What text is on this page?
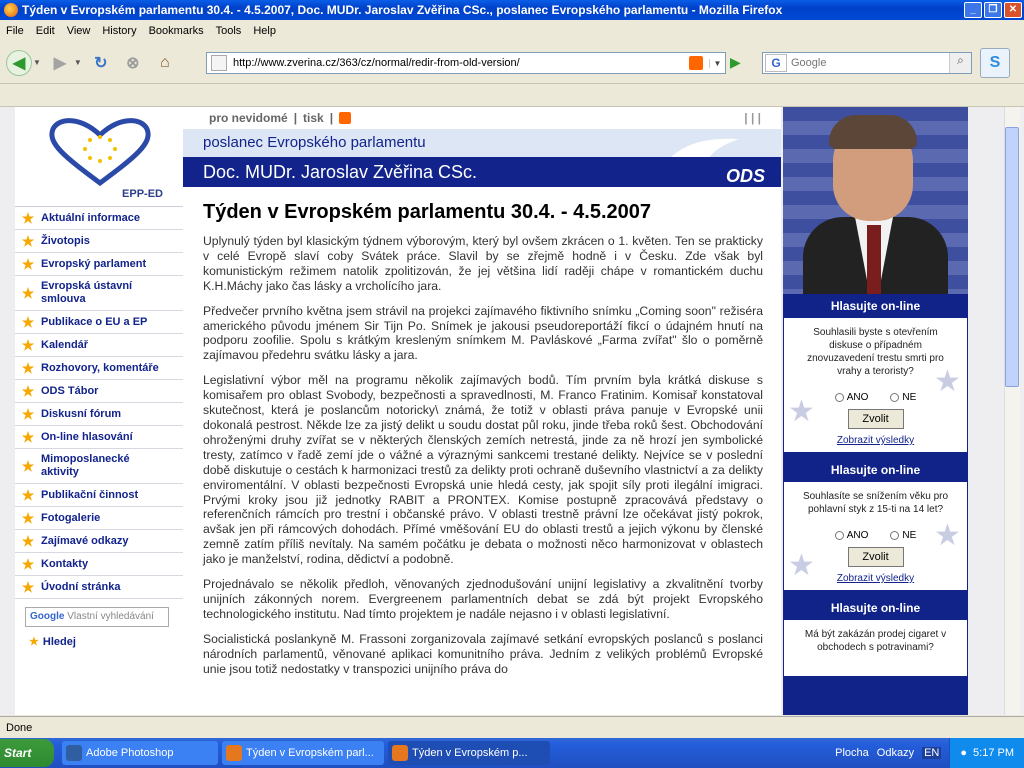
Týden v Evropském parlamentu 30.4. - 4.5.2007, Doc. MUDr. Jaroslav Zvěřina CSc., poslanec Evropského parlamentu - Mozilla Firefox	_	❐	✕
File	Edit	View	History	Bookmarks	Tools	Help
◀ ▼ ▶ ▼ ↻	⊗	⌂	http://www.zverina.cz/363/cz/normal/redir-from-old-version/	▼ ▶	G
Google	⌕	S
EPP-ED
★ Aktuální informace
★ Životopis
★ Evropský parlament
★ Evropská ústavní smlouva
★ Publikace o EU a EP
★ Kalendář
★ Rozhovory, komentáře
★ ODS Tábor
★ Diskusní fórum
★ On-line hlasování
★ Mimoposlanecké aktivity
★ Publikační činnost
★ Fotogalerie
★ Zajímavé odkazy
★ Kontakty
★ Úvodní stránka
Google Vlastní vyhledávání
★ Hledej
pro nevidomé | tisk |	| | |
poslanec Evropského parlamentu
Doc. MUDr. Jaroslav Zvěřina CSc.	ODS
Týden v Evropském parlamentu 30.4. - 4.5.2007

Uplynulý týden byl klasickým týdnem výborovým, který byl ovšem zkrácen o 1. květen. Ten se prakticky v celé Evropě slaví coby Svátek práce. Slavil by se zřejmě hodně i v Česku. Zde však byl komunistickým režimem natolik zpolitizován, že jej většina lidí raději chápe v romantickém duchu K.H.Máchy jako čas lásky a vrcholícího jara.

Předvečer prvního května jsem strávil na projekci zajímavého fiktivního snímku „Coming soon" režiséra amerického původu jménem Sir Tijn Po. Snímek je jakousi pseudoreportáží fikcí o údajném hnutí na podporu zoofilie. Spolu s krátkým kresleným snímkem M. Pavláskové „Farma zvířat" šlo o poměrně zajímavou předehru svátku lásky a jara.

Legislativní výbor měl na programu několik zajímavých bodů. Tím prvním byla krátká diskuse s komisařem pro oblast Svobody, bezpečnosti a spravedlnosti, M. Franco Fratinim. Komisař konstatoval skutečnost, která je poslancům notoricky\ známá, že totiž v oblasti práva panuje v Evropské unii dokonalá pestrost. Někde lze za jistý delikt u soudu dostat půl roku, jinde třeba roků šest. Obchodování ohroženými druhy zvířat se v některých členských zemích netrestá, jinde za ně hrozí jen symbolické tresty, zatímco v řadě zemí jde o vážné a výraznými sankcemi trestané delikty. Nejvíce se v poslední době diskutuje o cestách k harmonizaci trestů za delikty proti ochraně duševního vlastnictví a za delikty enviromentální. V oblasti bezpečnosti Evropská unie hledá cesty, jak spojit síly proti ilegální imigraci. Prvými kroky jsou již jednotky RABIT a PRONTEX. Komise postupně zpracovává představy o referenčních rámcích pro trestní i občanské právo. V oblasti trestně právní lze očekávat jistý pokrok, avšak jen při rámcových dohodách. Přímé vměšování EU do oblasti trestů a jejich výkonu by členské zemně zatím příliš nevítaly. Na samém počátku je debata o možnosti něco harmonizovat v oblastech jako je manželství, rodina, dědictví a podobně.

Projednávalo se několik předloh, věnovaných zjednodušování unijní legislativy a zkvalitnění tvorby unijních zákonných norem. Evergreenem parlamentních debat se zdá být projekt Evropského technologického institutu. Nad tímto projektem je nadále nejasno i v oblasti legislativní.

Socialistická poslankyně M. Frassoni zorganizovala zajímavé setkání evropských poslanců s poslanci národních parlamentů, věnované aplikaci komunitního práva. Jedním z velikých problémů Evropské unie jsou totiž nedostatky v transpozici unijního práva do

Hlasujte on-line
★
★
Souhlasili byste s otevřením diskuse o případném znovuzavedení trestu smrti pro vrahy a teroristy?
ANO	NE
Zvolit
Zobrazit výsledky
Hlasujte on-line
★
★
Souhlasíte se snížením věku pro pohlavní styk z 15-ti na 14 let?
ANO	NE
Zvolit
Zobrazit výsledky
Hlasujte on-line
Má být zakázán prodej cigaret v obchodech s potravinami?
Done
Start	Adobe Photoshop	Týden v Evropském parl...	Týden v Evropském p...	Plocha Odkazy EN ● 5:17 PM
